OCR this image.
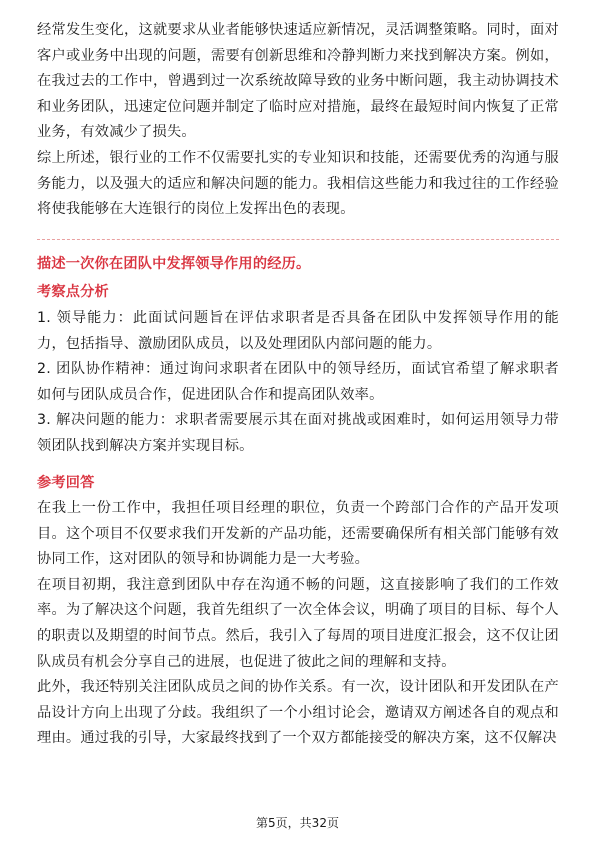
经常发生变化，这就要求从业者能够快速适应新情况，灵活调整策略。同时，面对客户或业务中出现的问题，需要有创新思维和冷静判断力来找到解决方案。例如，在我过去的工作中，曾遇到过一次系统故障导致的业务中断问题，我主动协调技术和业务团队，迅速定位问题并制定了临时应对措施，最终在最短时间内恢复了正常业务，有效减少了损失。

综上所述，银行业的工作不仅需要扎实的专业知识和技能，还需要优秀的沟通与服务能力，以及强大的适应和解决问题的能力。我相信这些能力和我过往的工作经验将使我能够在大连银行的岗位上发挥出色的表现。

描述一次你在团队中发挥领导作用的经历。

考察点分析

1. 领导能力：此面试问题旨在评估求职者是否具备在团队中发挥领导作用的能力，包括指导、激励团队成员，以及处理团队内部问题的能力。

2. 团队协作精神：通过询问求职者在团队中的领导经历，面试官希望了解求职者如何与团队成员合作，促进团队合作和提高团队效率。

3. 解决问题的能力：求职者需要展示其在面对挑战或困难时，如何运用领导力带领团队找到解决方案并实现目标。

参考回答

在我上一份工作中，我担任项目经理的职位，负责一个跨部门合作的产品开发项目。这个项目不仅要求我们开发新的产品功能，还需要确保所有相关部门能够有效协同工作，这对团队的领导和协调能力是一大考验。

在项目初期，我注意到团队中存在沟通不畅的问题，这直接影响了我们的工作效率。为了解决这个问题，我首先组织了一次全体会议，明确了项目的目标、每个人的职责以及期望的时间节点。然后，我引入了每周的项目进度汇报会，这不仅让团队成员有机会分享自己的进展，也促进了彼此之间的理解和支持。

此外，我还特别关注团队成员之间的协作关系。有一次，设计团队和开发团队在产品设计方向上出现了分歧。我组织了一个小组讨论会，邀请双方阐述各自的观点和理由。通过我的引导，大家最终找到了一个双方都能接受的解决方案，这不仅解决

第5页，共32页
